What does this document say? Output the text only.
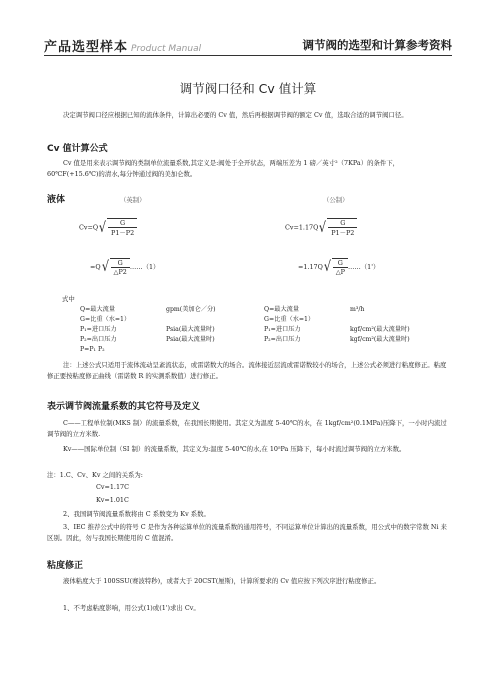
产品选型样本 Product Manual	调节阀的选型和计算参考资料
调节阀口径和 Cv 值计算
决定调节阀口径应根据已知的流体条件，计算出必要的 Cv 值，然后再根据调节阀的额定 Cv 值，选取合适的调节阀口径。
Cv 值计算公式
Cv 值是用来表示调节阀的类制单位流量系数,其定义是:阀处于全开状态，两端压差为 1 磅／英寸²（7KPa）的条件下，60℃F(+15.6℃)的清水,每分钟通过阀的美加仑数。
液体	（英制）	（公制）
$Cv=Q√ \frac{G}{P1-P2}$	$Cv=1.17Q√ \frac{G}{P1-P2}$
$=Q√ \frac{G}{\triangle P2}$ ……（1）	$=1.17Q√ \frac{G}{\triangle P}$ ……（1'）
式中
Q=最大流量	gpm(美加仑／分)	Q=最大流量	m³/h
G=比重（水=1）		G=比重（水=1）	
P₁=进口压力	Psia(最大流量时)	P₁=进口压力	kgf/cm²(最大流量时)
P₂=出口压力	Psia(最大流量时)	P₂=出口压力	kgf/cm²(最大流量时)
P=P₁ P₂			
注：上述公式只适用于流体流动呈紊流状态，或雷诺数大的场合。流体接近层流或雷诺数较小的场合，上述公式必须进行粘度修正。粘度修正要按粘度修正曲线（雷诺数 R 的实测系数值）进行修正。
表示调节阀流量系数的其它符号及定义
C——工程单位制(MKS 制）的流量系数，在我国长期使用。其定义为温度 5-40℃的水，在 1kgf/cm²(0.1MPa)压降下，一小时内流过调节阀的立方米数.
Kv——国际单位制（SI 制）的流量系数，其定义为:温度 5-40℃的水,在 10⁵Pa 压降下，每小时流过调节阀的立方米数。
注：1.C、Cv、Kv 之间的关系为:
Cv=1.17C
Kv=1.01C
2、我国调节阀流量系数将由 C 系数变为 Kv 系数。
3、IEC 推荐公式中的符号 C 是作为各种运算单位的流量系数的通用符号，不同运算单位计算出的流量系数，用公式中的数字常数 Ni 来区别。因此，勿与我国长期使用的 C 值混淆。
粘度修正
液体粘度大于 100SSU(赛波特秒)，或者大于 20CST(厘斯)，计算所要求的 Cv 值应按下列次序进行粘度修正。
1、不考虑粘度影响，用公式(1)或(1')求出 Cv。
